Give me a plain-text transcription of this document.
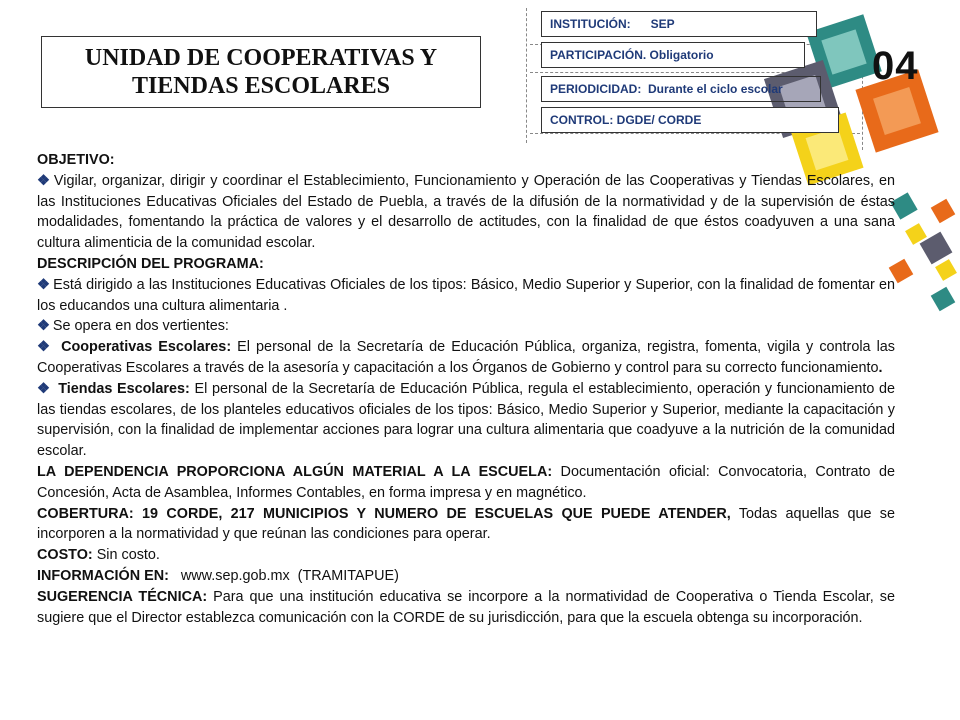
UNIDAD DE COOPERATIVAS Y
TIENDAS ESCOLARES
INSTITUCIÓN:      SEP
PARTICIPACIÓN. Obligatorio
PERIODICIDAD:  Durante el ciclo escolar
CONTROL: DGDE/ CORDE
04

OBJETIVO:

❖ Vigilar, organizar, dirigir y coordinar el Establecimiento, Funcionamiento y Operación de las Cooperativas y Tiendas Escolares, en las Instituciones Educativas Oficiales del Estado de Puebla, a través de la difusión de la normatividad y de la supervisión de éstas modalidades, fomentando la práctica de valores y el desarrollo de actitudes, con la finalidad de que éstos coadyuven a una sana cultura alimenticia de la comunidad escolar.

DESCRIPCIÓN DEL PROGRAMA:

❖ Está dirigido a las Instituciones Educativas Oficiales de los tipos: Básico, Medio Superior y Superior, con la finalidad de fomentar en los educandos una cultura alimentaria .

❖ Se opera en dos vertientes:

❖ Cooperativas Escolares: El personal de la Secretaría de Educación Pública, organiza, registra, fomenta, vigila y controla las Cooperativas Escolares a través de la asesoría y capacitación a los Órganos de Gobierno y control para su correcto funcionamiento.

❖ Tiendas Escolares: El personal de la Secretaría de Educación Pública, regula el establecimiento, operación y funcionamiento de las tiendas escolares, de los planteles educativos oficiales de los tipos: Básico, Medio Superior y Superior, mediante la capacitación y supervisión, con la finalidad de implementar acciones para lograr una cultura alimentaria que coadyuve a la nutrición de la comunidad escolar.

LA DEPENDENCIA PROPORCIONA ALGÚN MATERIAL A LA ESCUELA: Documentación oficial: Convocatoria, Contrato de Concesión, Acta de Asamblea, Informes Contables, en forma impresa y en magnético.

COBERTURA: 19 CORDE, 217 MUNICIPIOS Y NUMERO DE ESCUELAS QUE PUEDE ATENDER, Todas aquellas que se incorporen a la normatividad y que reúnan las condiciones para operar.

COSTO: Sin costo.

INFORMACIÓN EN:   www.sep.gob.mx  (TRAMITAPUE)

SUGERENCIA TÉCNICA: Para que una institución educativa se incorpore a la normatividad de Cooperativa o Tienda Escolar, se sugiere que el Director establezca comunicación con la CORDE de su jurisdicción, para que la escuela obtenga su incorporación.
